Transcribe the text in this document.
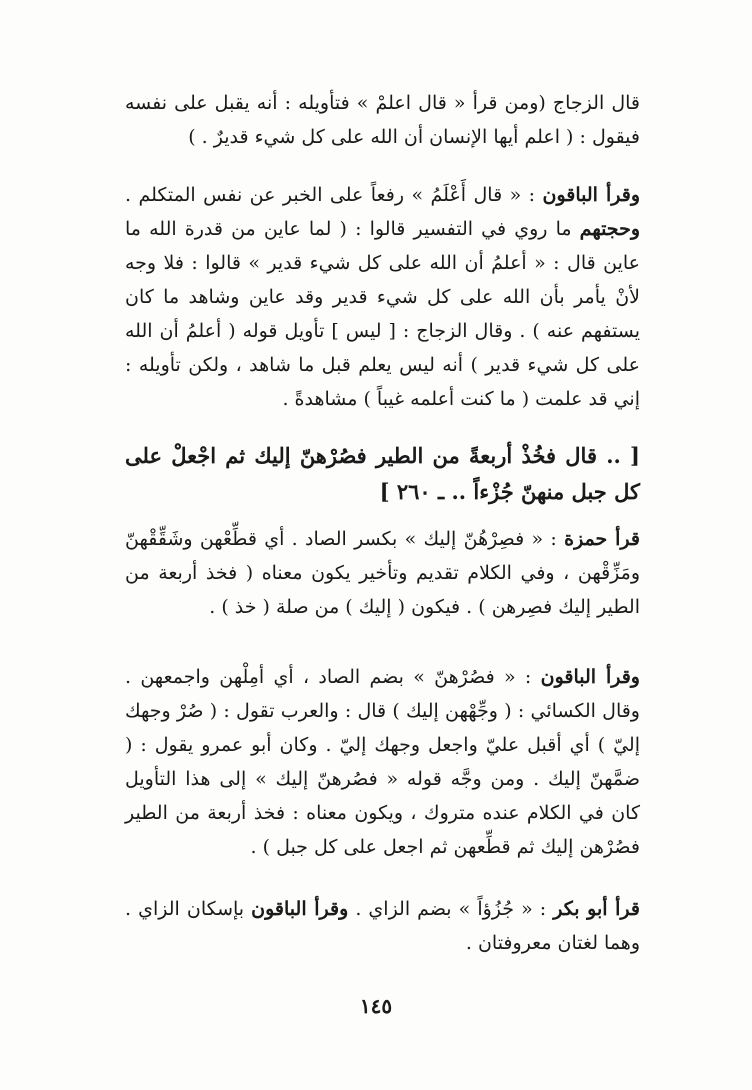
قال الزجاج (ومن قرأ « قال اعلمْ » فتأويله : أنه يقبل على نفسه فيقول : ( اعلم أيها الإنسان أن الله على كل شيء قديرٌ . )

وقرأ الباقون : « قال أَعْلَمُ » رفعاً على الخبر عن نفس المتكلم . وحجتهم ما روي في التفسير قالوا : ( لما عاين من قدرة الله ما عاين قال : « أعلمُ أن الله على كل شيء قدير » قالوا : فلا وجه لأنْ يأمر بأن الله على كل شيء قدير وقد عاين وشاهد ما كان يستفهم عنه ) . وقال الزجاج : [ ليس ] تأويل قوله ( أعلمُ أن الله على كل شيء قدير ) أنه ليس يعلم قبل ما شاهد ، ولكن تأويله : إني قد علمت ( ما كنت أعلمه غيباً ) مشاهدةً .

[ .. قال فخُذْ أربعةً من الطير فصُرْهنّ إليك ثم اجْعلْ على كل جبل منهنّ جُزْءاً .. ـ ٢٦٠ ]

قرأ حمزة : « فصِرْهُنّ إليك » بكسر الصاد . أي قطِّعْهن وشَقِّقْهنّ ومَزِّقْهن ، وفي الكلام تقديم وتأخير يكون معناه ( فخذ أربعة من الطير إليك فصِرهن ) . فيكون ( إليك ) من صلة ( خذ ) .

وقرأ الباقون : « فصُرْهنّ » بضم الصاد ، أي أمِلْهن واجمعهن . وقال الكسائي : ( وجِّهْهن إليك ) قال : والعرب تقول : ( صُرْ وجهك إليّ ) أي أقبل عليّ واجعل وجهك إليّ . وكان أبو عمرو يقول : ( ضمَّهنّ إليك . ومن وجَّه قوله « فصُرهنّ إليك » إلى هذا التأويل كان في الكلام عنده متروك ، ويكون معناه : فخذ أربعة من الطير فصُرْهن إليك ثم قطِّعهن ثم اجعل على كل جبل ) .

قرأ أبو بكر : « جُزُؤاً » بضم الزاي . وقرأ الباقون بإسكان الزاي . وهما لغتان معروفتان .

١٤٥
